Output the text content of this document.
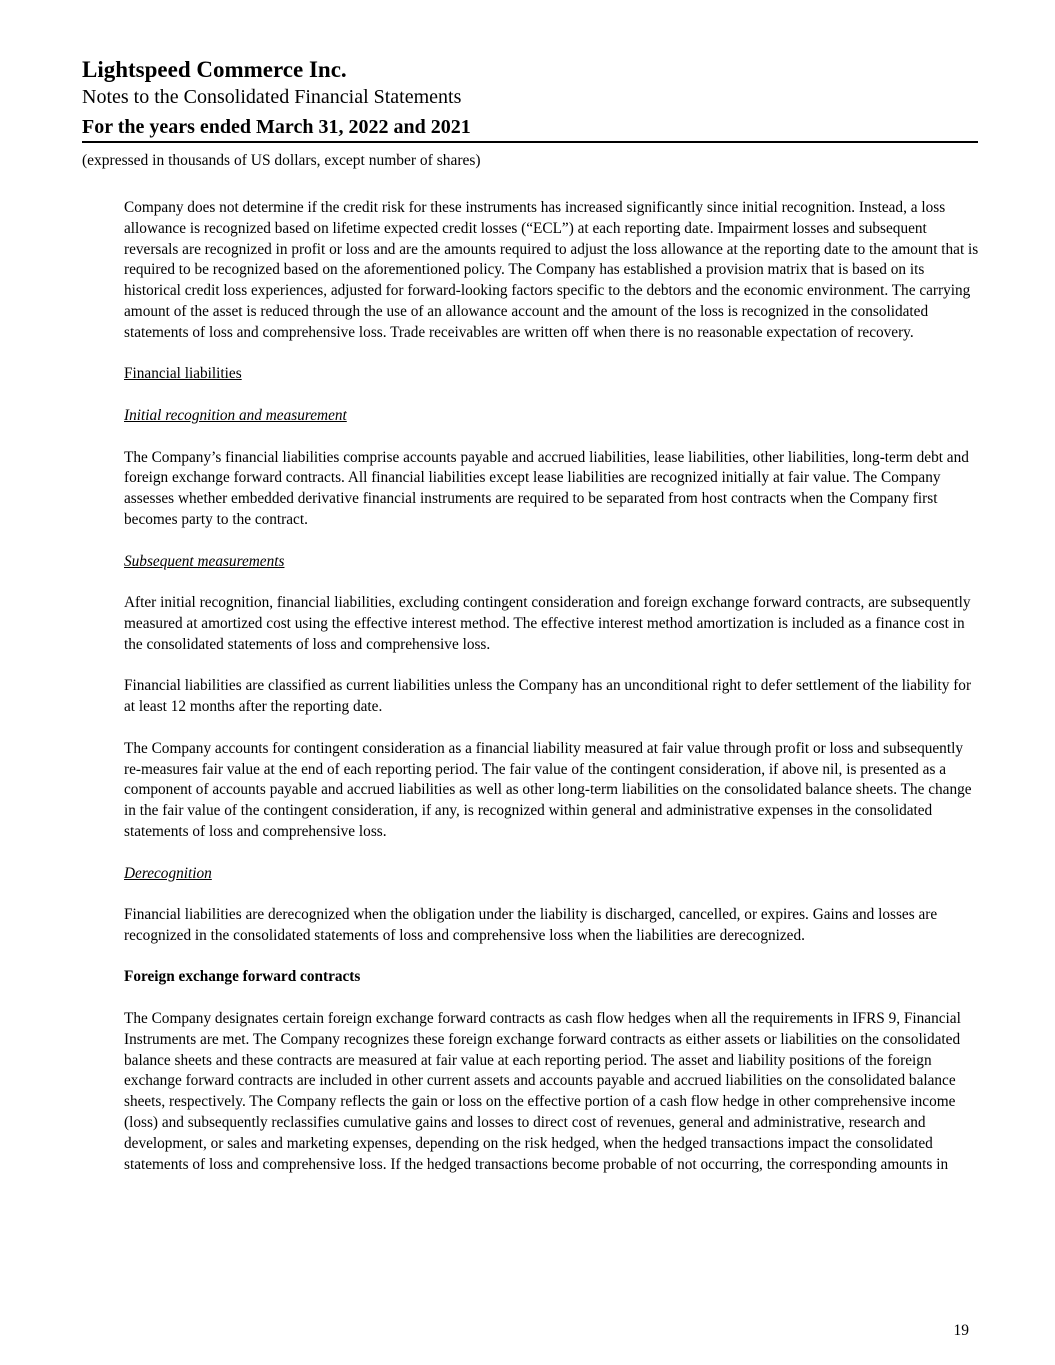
Lightspeed Commerce Inc.
Notes to the Consolidated Financial Statements
For the years ended March 31, 2022 and 2021
(expressed in thousands of US dollars, except number of shares)

Company does not determine if the credit risk for these instruments has increased significantly since initial recognition. Instead, a loss allowance is recognized based on lifetime expected credit losses (“ECL”) at each reporting date. Impairment losses and subsequent reversals are recognized in profit or loss and are the amounts required to adjust the loss allowance at the reporting date to the amount that is required to be recognized based on the aforementioned policy. The Company has established a provision matrix that is based on its historical credit loss experiences, adjusted for forward-looking factors specific to the debtors and the economic environment. The carrying amount of the asset is reduced through the use of an allowance account and the amount of the loss is recognized in the consolidated statements of loss and comprehensive loss. Trade receivables are written off when there is no reasonable expectation of recovery.

Financial liabilities

Initial recognition and measurement

The Company’s financial liabilities comprise accounts payable and accrued liabilities, lease liabilities, other liabilities, long-term debt and foreign exchange forward contracts. All financial liabilities except lease liabilities are recognized initially at fair value. The Company assesses whether embedded derivative financial instruments are required to be separated from host contracts when the Company first becomes party to the contract.

Subsequent measurements

After initial recognition, financial liabilities, excluding contingent consideration and foreign exchange forward contracts, are subsequently measured at amortized cost using the effective interest method. The effective interest method amortization is included as a finance cost in the consolidated statements of loss and comprehensive loss.

Financial liabilities are classified as current liabilities unless the Company has an unconditional right to defer settlement of the liability for at least 12 months after the reporting date.

The Company accounts for contingent consideration as a financial liability measured at fair value through profit or loss and subsequently re-measures fair value at the end of each reporting period. The fair value of the contingent consideration, if above nil, is presented as a component of accounts payable and accrued liabilities as well as other long-term liabilities on the consolidated balance sheets. The change in the fair value of the contingent consideration, if any, is recognized within general and administrative expenses in the consolidated statements of loss and comprehensive loss.

Derecognition

Financial liabilities are derecognized when the obligation under the liability is discharged, cancelled, or expires. Gains and losses are recognized in the consolidated statements of loss and comprehensive loss when the liabilities are derecognized.

Foreign exchange forward contracts

The Company designates certain foreign exchange forward contracts as cash flow hedges when all the requirements in IFRS 9, Financial Instruments are met. The Company recognizes these foreign exchange forward contracts as either assets or liabilities on the consolidated balance sheets and these contracts are measured at fair value at each reporting period. The asset and liability positions of the foreign exchange forward contracts are included in other current assets and accounts payable and accrued liabilities on the consolidated balance sheets, respectively. The Company reflects the gain or loss on the effective portion of a cash flow hedge in other comprehensive income (loss) and subsequently reclassifies cumulative gains and losses to direct cost of revenues, general and administrative, research and development, or sales and marketing expenses, depending on the risk hedged, when the hedged transactions impact the consolidated statements of loss and comprehensive loss. If the hedged transactions become probable of not occurring, the corresponding amounts in

19
